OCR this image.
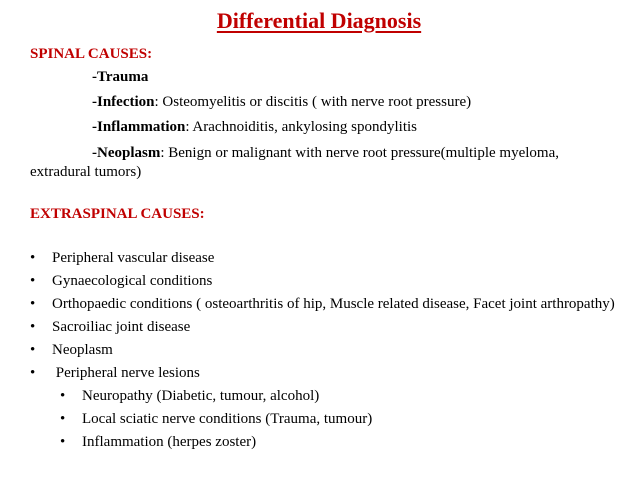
Differential Diagnosis
SPINAL CAUSES:
-Trauma
-Infection: Osteomyelitis or discitis ( with nerve root pressure)
-Inflammation: Arachnoiditis, ankylosing spondylitis
-Neoplasm: Benign or malignant with nerve root pressure(multiple myeloma, extradural tumors)
EXTRASPINAL CAUSES:
• Peripheral vascular disease
• Gynaecological conditions
• Orthopaedic conditions ( osteoarthritis of hip, Muscle related disease, Facet joint arthropathy)
• Sacroiliac joint disease
• Neoplasm
• Peripheral nerve lesions
• Neuropathy (Diabetic, tumour, alcohol)
• Local sciatic nerve conditions (Trauma, tumour)
• Inflammation (herpes zoster)
